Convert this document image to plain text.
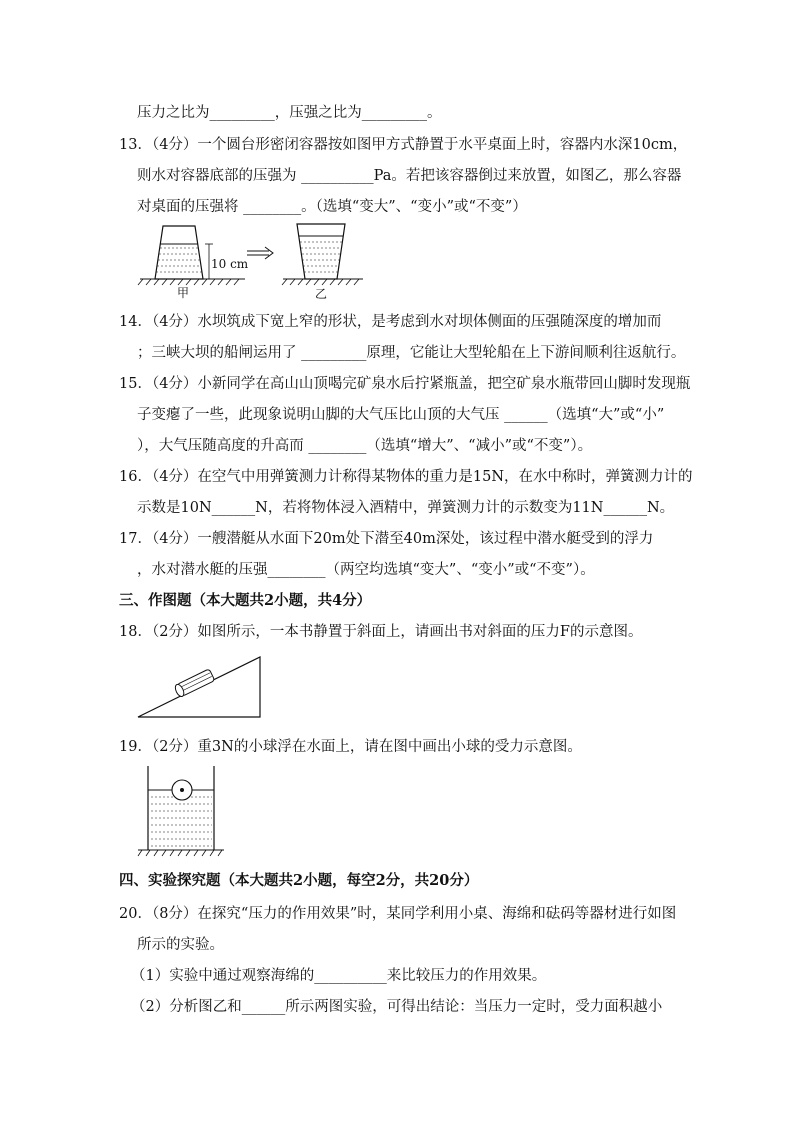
压力之比为_________，压强之比为_________。
13．（4分）一个圆台形密闭容器按如图甲方式静置于水平桌面上时，容器内水深10cm，
则水对容器底部的压强为 __________Pa。若把该容器倒过来放置，如图乙，那么容器
对桌面的压强将 ________。（选填“变大”、“变小”或“不变”）
10 cm
甲	乙
14．（4分）水坝筑成下宽上窄的形状，是考虑到水对坝体侧面的压强随深度的增加而
；三峡大坝的船闸运用了 _________原理，它能让大型轮船在上下游间顺利往返航行。
15．（4分）小新同学在高山山顶喝完矿泉水后拧紧瓶盖，把空矿泉水瓶带回山脚时发现瓶
子变瘪了一些，此现象说明山脚的大气压比山顶的大气压 ______（选填“大”或“小”
），大气压随高度的升高而 ________（选填“增大”、“减小”或“不变”）。
16．（4分）在空气中用弹簧测力计称得某物体的重力是15N，在水中称时，弹簧测力计的
示数是10N______N，若将物体浸入酒精中，弹簧测力计的示数变为11N______N。
17．（4分）一艘潜艇从水面下20m处下潜至40m深处，该过程中潜水艇受到的浮力
，水对潜水艇的压强________（两空均选填“变大”、“变小”或“不变”）。
三、作图题（本大题共2小题，共4分）
18．（2分）如图所示，一本书静置于斜面上，请画出书对斜面的压力F的示意图。
19．（2分）重3N的小球浮在水面上，请在图中画出小球的受力示意图。
四、实验探究题（本大题共2小题，每空2分，共20分）
20．（8分）在探究“压力的作用效果”时，某同学利用小桌、海绵和砝码等器材进行如图
所示的实验。
（1）实验中通过观察海绵的__________来比较压力的作用效果。
（2）分析图乙和______所示两图实验，可得出结论：当压力一定时，受力面积越小
